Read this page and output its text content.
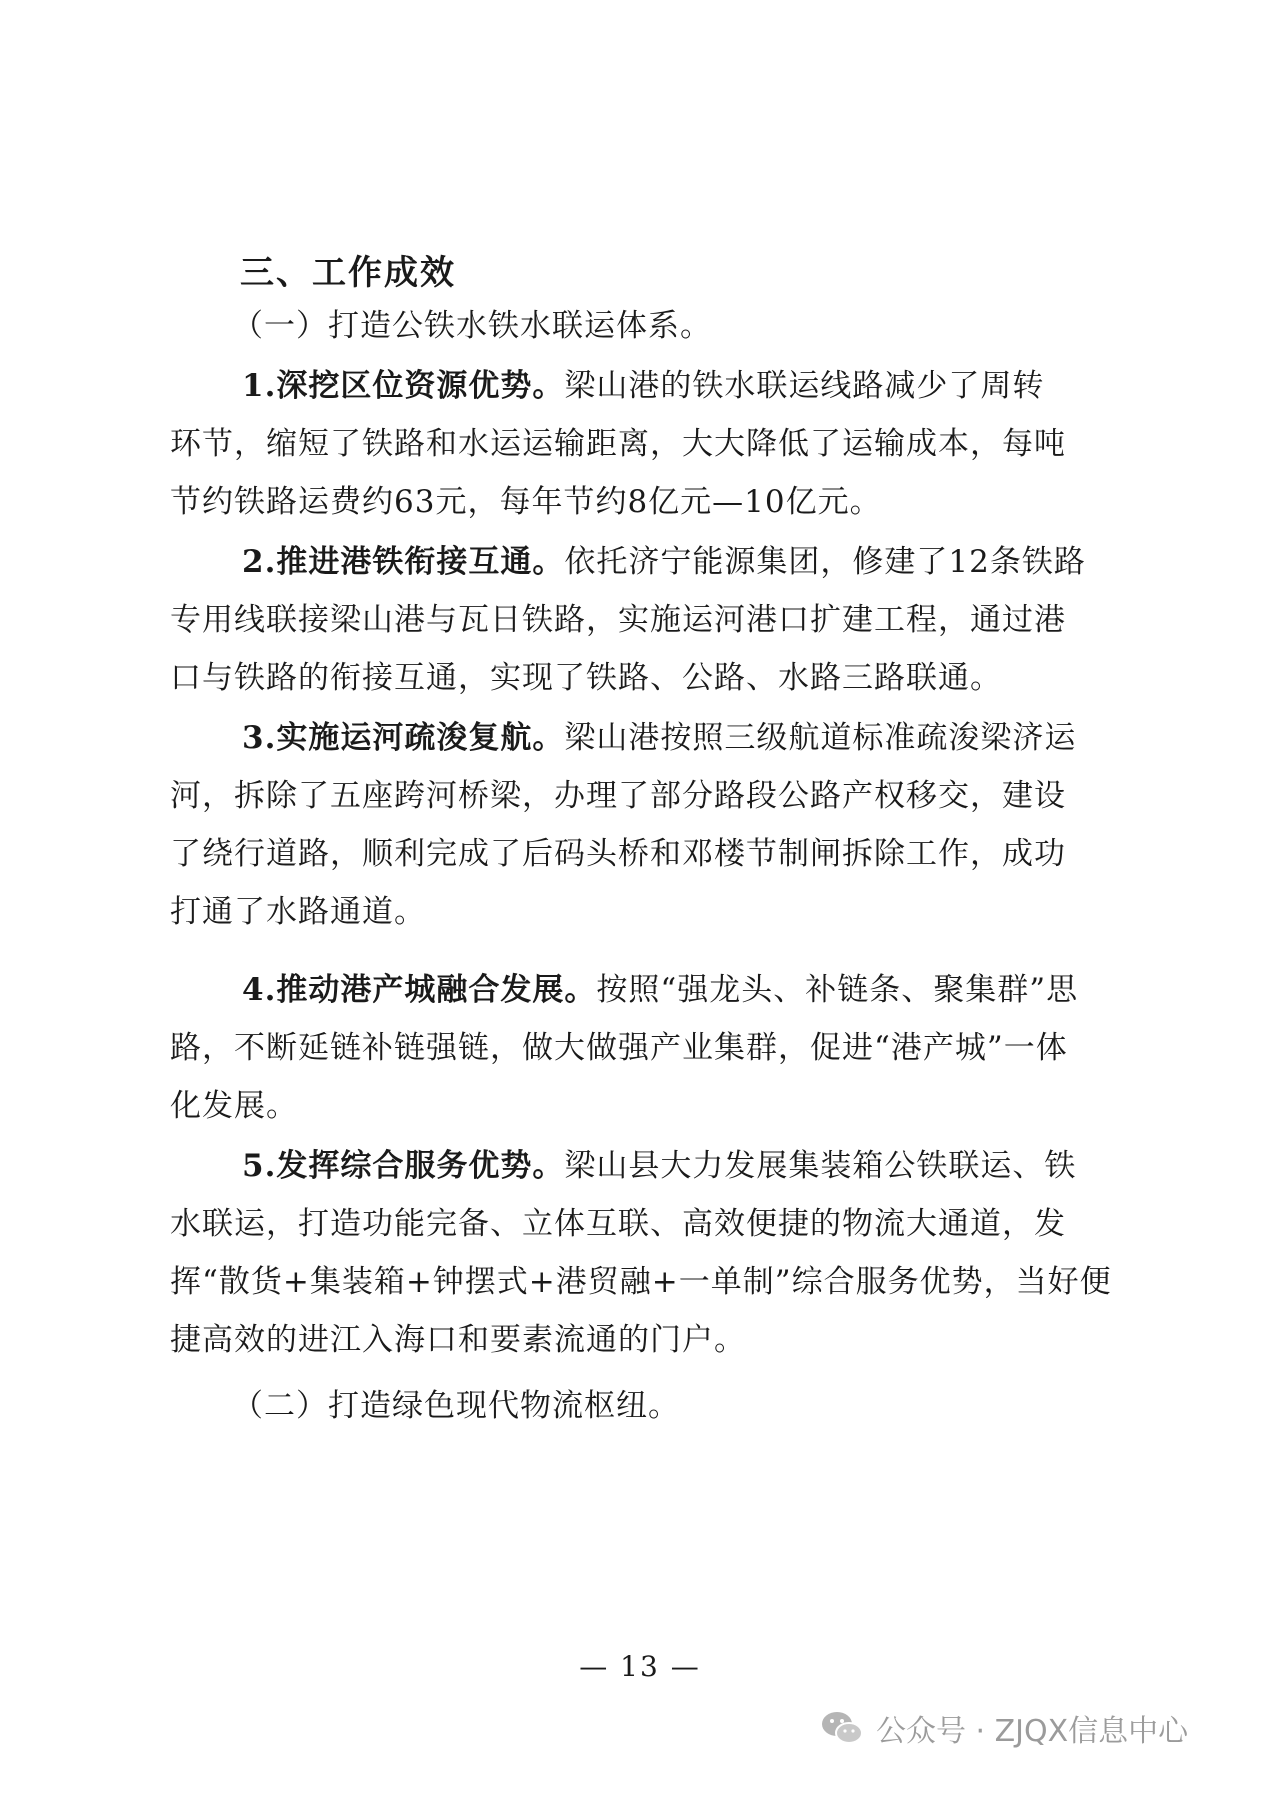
三、工作成效
（一）打造公铁水铁水联运体系。
1.深挖区位资源优势。梁山港的铁水联运线路减少了周转
环节，缩短了铁路和水运运输距离，大大降低了运输成本，每吨
节约铁路运费约63元，每年节约8亿元—10亿元。
2.推进港铁衔接互通。依托济宁能源集团，修建了12条铁路
专用线联接梁山港与瓦日铁路，实施运河港口扩建工程，通过港
口与铁路的衔接互通，实现了铁路、公路、水路三路联通。
3.实施运河疏浚复航。梁山港按照三级航道标准疏浚梁济运
河，拆除了五座跨河桥梁，办理了部分路段公路产权移交，建设
了绕行道路，顺利完成了后码头桥和邓楼节制闸拆除工作，成功
打通了水路通道。
4.推动港产城融合发展。按照“强龙头、补链条、聚集群”思
路，不断延链补链强链，做大做强产业集群，促进“港产城”一体
化发展。
5.发挥综合服务优势。梁山县大力发展集装箱公铁联运、铁
水联运，打造功能完备、立体互联、高效便捷的物流大通道，发
挥“散货+集装箱+钟摆式+港贸融+一单制”综合服务优势，当好便
捷高效的进江入海口和要素流通的门户。
（二）打造绿色现代物流枢纽。
— 13 —
公众号 · ZJQX信息中心
